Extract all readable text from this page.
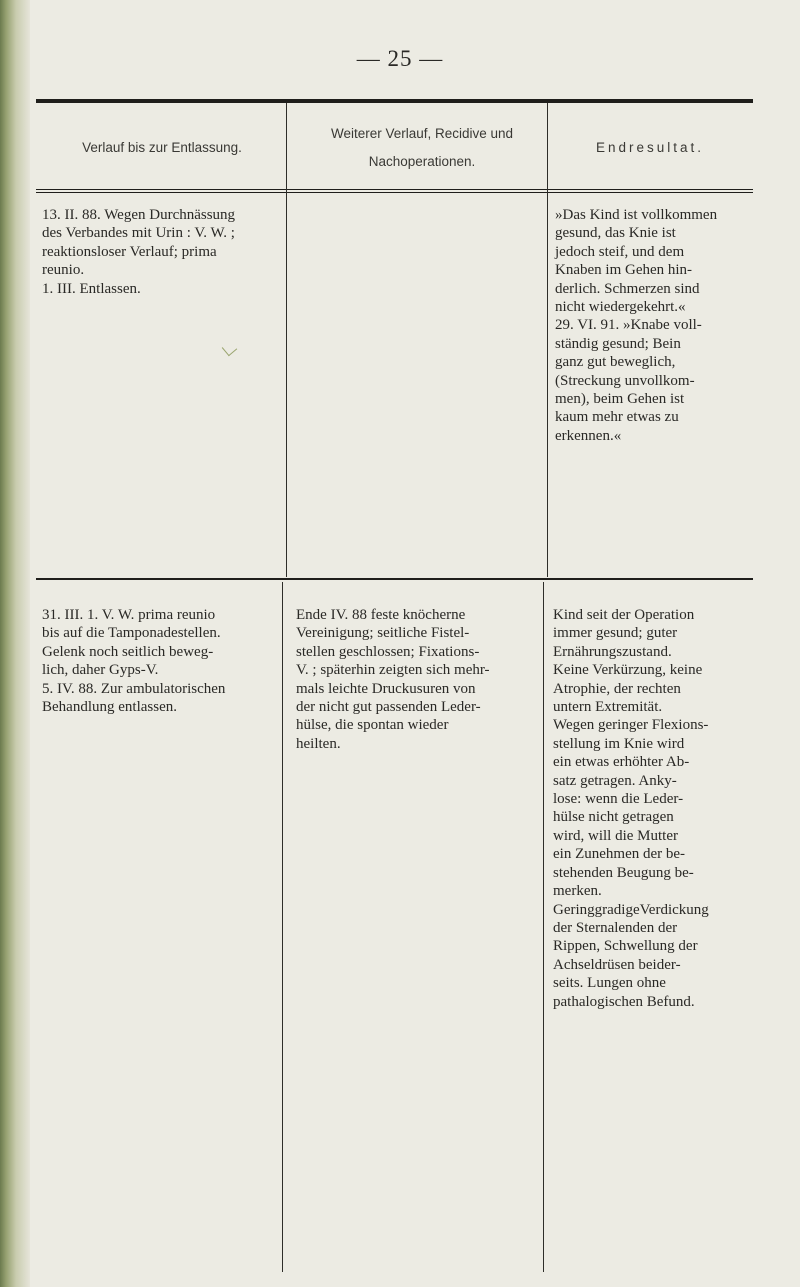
— 25 —
Verlauf bis zur Entlassung.
Weiterer Verlauf, Recidive und Nachoperationen.
Endresultat.
13. II. 88. Wegen Durchnässung
des Verbandes mit Urin : V. W. ;
reaktionsloser Verlauf; prima
reunio.
1. III. Entlassen.
»Das Kind ist vollkommen
gesund, das Knie ist
jedoch steif, und dem
Knaben im Gehen hin-
derlich. Schmerzen sind
nicht wiedergekehrt.«
29. VI. 91. »Knabe voll-
ständig gesund; Bein
ganz gut beweglich,
(Streckung unvollkom-
men), beim Gehen ist
kaum mehr etwas zu
erkennen.«
31. III. 1. V. W. prima reunio
bis auf die Tamponadestellen.
Gelenk noch seitlich beweg-
lich, daher Gyps-V.
5. IV. 88. Zur ambulatorischen
Behandlung entlassen.
Ende IV. 88 feste knöcherne
Vereinigung; seitliche Fistel-
stellen geschlossen; Fixations-
V. ; späterhin zeigten sich mehr-
mals leichte Druckusuren von
der nicht gut passenden Leder-
hülse, die spontan wieder
heilten.
Kind seit der Operation
immer gesund; guter
Ernährungszustand.
Keine Verkürzung, keine
Atrophie, der rechten
untern Extremität.
Wegen geringer Flexions-
stellung im Knie wird
ein etwas erhöhter Ab-
satz getragen. Anky-
lose: wenn die Leder-
hülse nicht getragen
wird, will die Mutter
ein Zunehmen der be-
stehenden Beugung be-
merken.
GeringgradigeVerdickung
der Sternalenden der
Rippen, Schwellung der
Achseldrüsen beider-
seits. Lungen ohne
pathalogischen Befund.
